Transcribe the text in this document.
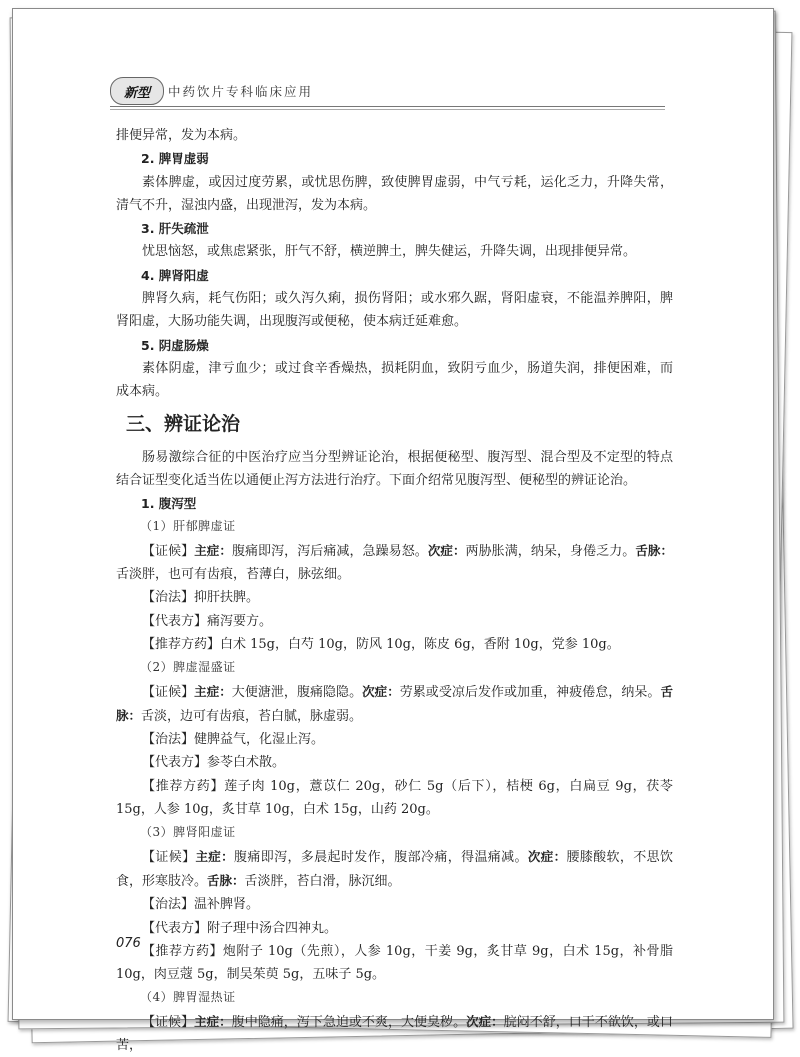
新型	中药饮片专科临床应用

排便异常，发为本病。

2. 脾胃虚弱

素体脾虚，或因过度劳累，或忧思伤脾，致使脾胃虚弱，中气亏耗，运化乏力，升降失常，清气不升，湿浊内盛，出现泄泻，发为本病。

3. 肝失疏泄

忧思恼怒，或焦虑紧张，肝气不舒，横逆脾土，脾失健运，升降失调，出现排便异常。

4. 脾肾阳虚

脾肾久病，耗气伤阳；或久泻久痢，损伤肾阳；或水邪久踞，肾阳虚衰，不能温养脾阳，脾肾阳虚，大肠功能失调，出现腹泻或便秘，使本病迁延难愈。

5. 阴虚肠燥

素体阴虚，津亏血少；或过食辛香燥热，损耗阴血，致阴亏血少，肠道失润，排便困难，而成本病。

三、辨证论治

肠易激综合征的中医治疗应当分型辨证论治，根据便秘型、腹泻型、混合型及不定型的特点结合证型变化适当佐以通便止泻方法进行治疗。下面介绍常见腹泻型、便秘型的辨证论治。

1. 腹泻型
（1）肝郁脾虚证

【证候】主症：腹痛即泻，泻后痛减，急躁易怒。次症：两胁胀满，纳呆，身倦乏力。舌脉：舌淡胖，也可有齿痕，苔薄白，脉弦细。

【治法】抑肝扶脾。

【代表方】痛泻要方。

【推荐方药】白术 15g，白芍 10g，防风 10g，陈皮 6g，香附 10g，党参 10g。

（2）脾虚湿盛证

【证候】主症：大便溏泄，腹痛隐隐。次症：劳累或受凉后发作或加重，神疲倦怠，纳呆。舌脉：舌淡，边可有齿痕，苔白腻，脉虚弱。

【治法】健脾益气，化湿止泻。

【代表方】参苓白术散。

【推荐方药】莲子肉 10g，薏苡仁 20g，砂仁 5g（后下），桔梗 6g，白扁豆 9g，茯苓 15g，人参 10g，炙甘草 10g，白术 15g，山药 20g。

（3）脾肾阳虚证

【证候】主症：腹痛即泻，多晨起时发作，腹部冷痛，得温痛减。次症：腰膝酸软，不思饮食，形寒肢冷。舌脉：舌淡胖，苔白滑，脉沉细。

【治法】温补脾肾。

【代表方】附子理中汤合四神丸。

【推荐方药】炮附子 10g（先煎），人参 10g，干姜 9g，炙甘草 9g，白术 15g，补骨脂 10g，肉豆蔻 5g，制吴茱萸 5g，五味子 5g。

（4）脾胃湿热证

【证候】主症：腹中隐痛，泻下急迫或不爽，大便臭秽。次症：脘闷不舒，口干不欲饮，或口苦，

076
